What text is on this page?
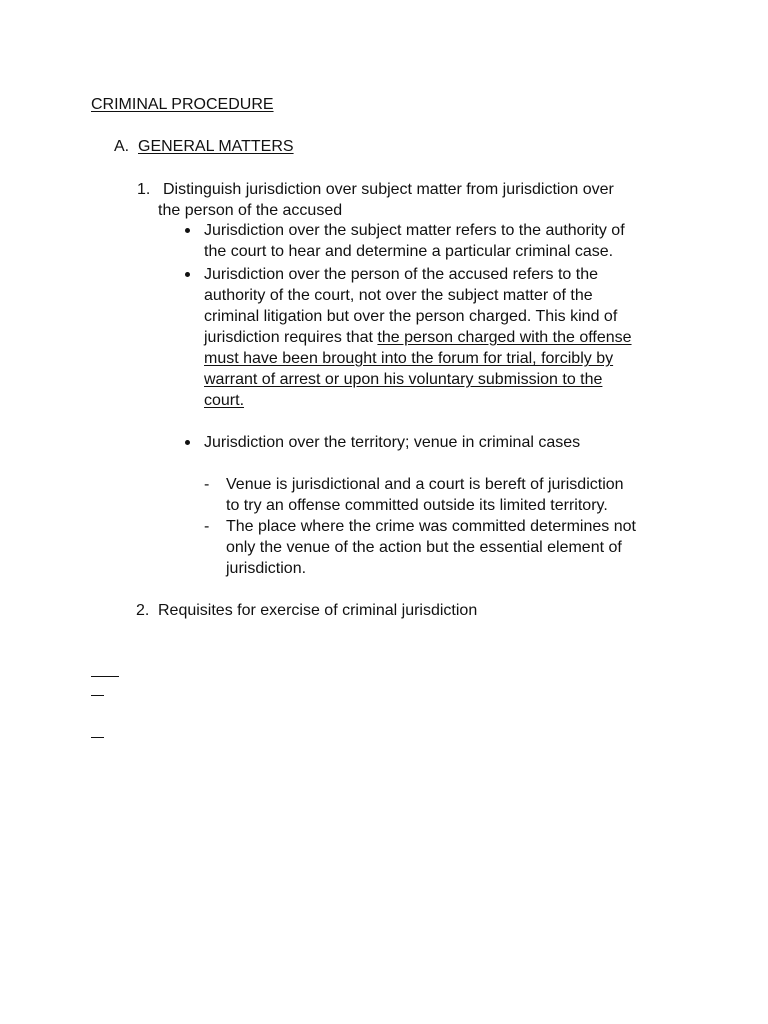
CRIMINAL PROCEDURE
A. GENERAL MATTERS
1. Distinguish jurisdiction over subject matter from jurisdiction over
the person of the accused
Jurisdiction over the subject matter refers to the authority of
the court to hear and determine a particular criminal case.
Jurisdiction over the person of the accused refers to the
authority of the court, not over the subject matter of the
criminal litigation but over the person charged. This kind of
jurisdiction requires that the person charged with the offense
must have been brought into the forum for trial, forcibly by
warrant of arrest or upon his voluntary submission to the
court.
Jurisdiction over the territory; venue in criminal cases
- Venue is jurisdictional and a court is bereft of jurisdiction
to try an offense committed outside its limited territory.
- The place where the crime was committed determines not
only the venue of the action but the essential element of
jurisdiction.
2. Requisites for exercise of criminal jurisdiction
